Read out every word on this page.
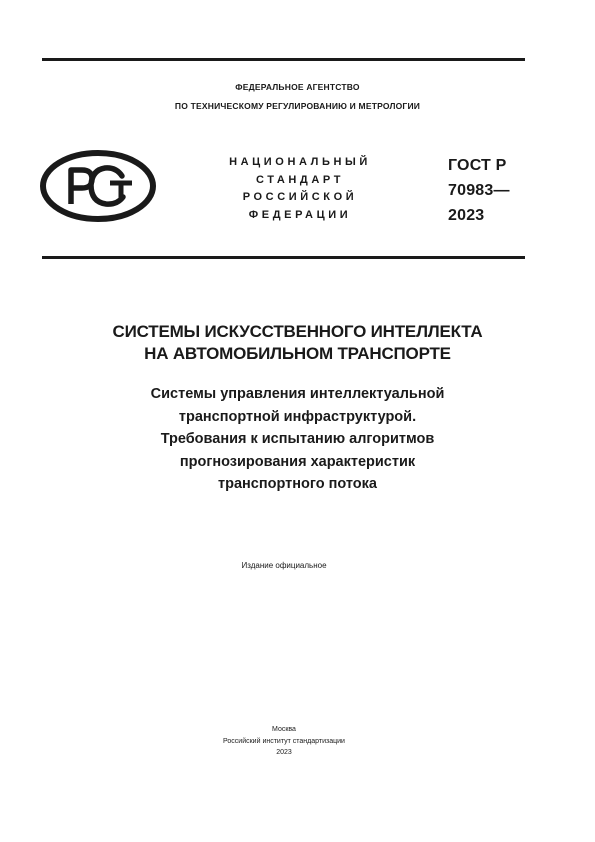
ФЕДЕРАЛЬНОЕ АГЕНТСТВО
ПО ТЕХНИЧЕСКОМУ РЕГУЛИРОВАНИЮ И МЕТРОЛОГИИ
НАЦИОНАЛЬНЫЙ
СТАНДАРТ
РОССИЙСКОЙ
ФЕДЕРАЦИИ
ГОСТ Р
70983—
2023
СИСТЕМЫ ИСКУССТВЕННОГО ИНТЕЛЛЕКТА
НА АВТОМОБИЛЬНОМ ТРАНСПОРТЕ
Системы управления интеллектуальной
транспортной инфраструктурой.
Требования к испытанию алгоритмов
прогнозирования характеристик
транспортного потока
Издание официальное
Москва
Российский институт стандартизации
2023
